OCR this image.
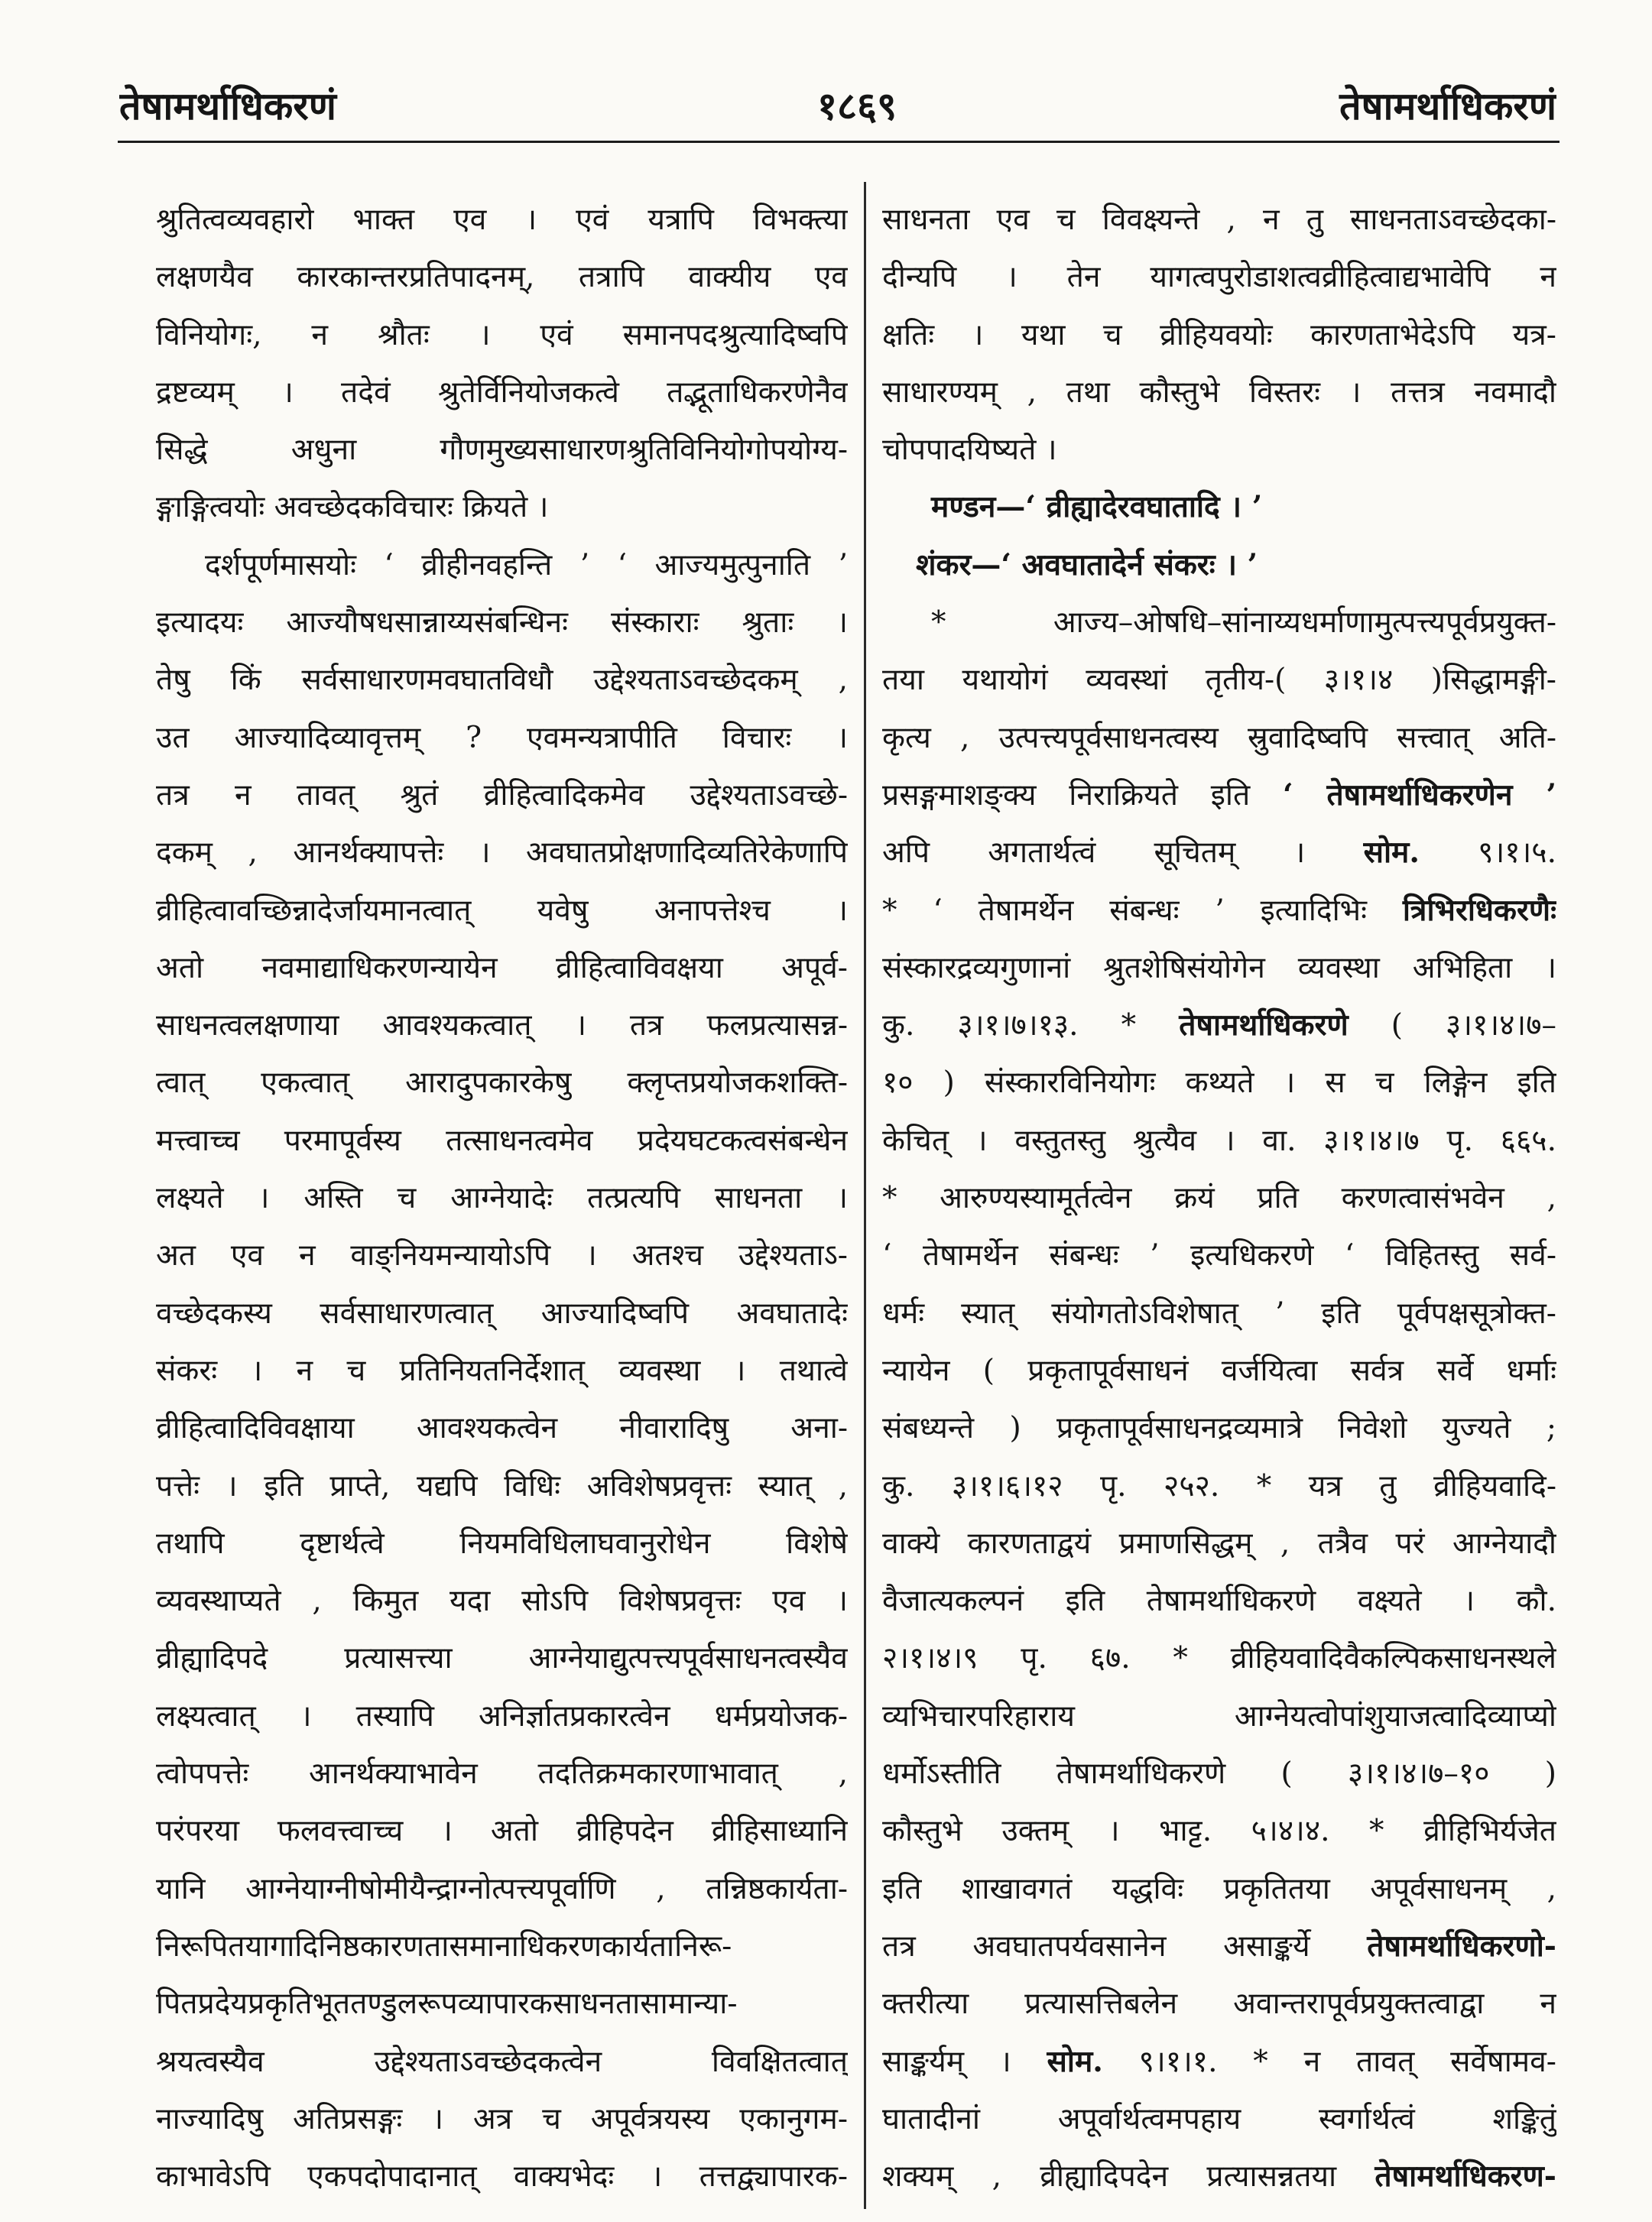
तेषामर्थाधिकरणं	१८६९	तेषामर्थाधिकरणं
श्रुतित्वव्यवहारो भाक्त एव । एवं यत्रापि विभक्त्या
लक्षणयैव कारकान्तरप्रतिपादनम्, तत्रापि वाक्यीय एव
विनियोगः, न श्रौतः । एवं समानपदश्रुत्यादिष्वपि
द्रष्टव्यम् । तदेवं श्रुतेर्विनियोजकत्वे तद्भूताधिकरणेनैव
सिद्धे अधुना गौणमुख्यसाधारणश्रुतिविनियोगोपयोग्य-
ङ्गाङ्गित्वयोः अवच्छेदकविचारः क्रियते ।
दर्शपूर्णमासयोः ‘ व्रीहीनवहन्ति ’ ‘ आज्यमुत्पुनाति ’
इत्यादयः आज्यौषधसान्नाय्यसंबन्धिनः संस्काराः श्रुताः ।
तेषु किं सर्वसाधारणमवघातविधौ उद्देश्यताऽवच्छेदकम् ,
उत आज्यादिव्यावृत्तम् ? एवमन्यत्रापीति विचारः ।
तत्र न तावत् श्रुतं व्रीहित्वादिकमेव उद्देश्यताऽवच्छे-
दकम् , आनर्थक्यापत्तेः । अवघातप्रोक्षणादिव्यतिरेकेणापि
व्रीहित्वावच्छिन्नादेर्जायमानत्वात् यवेषु अनापत्तेश्च ।
अतो नवमाद्याधिकरणन्यायेन व्रीहित्वाविवक्षया अपूर्व-
साधनत्वलक्षणाया आवश्यकत्वात् । तत्र फलप्रत्यासन्न-
त्वात् एकत्वात् आरादुपकारकेषु क्लृप्तप्रयोजकशक्ति-
मत्त्वाच्च परमापूर्वस्य तत्साधनत्वमेव प्रदेयघटकत्वसंबन्धेन
लक्ष्यते । अस्ति च आग्नेयादेः तत्प्रत्यपि साधनता ।
अत एव न वाङ्नियमन्यायोऽपि । अतश्च उद्देश्यताऽ-
वच्छेदकस्य सर्वसाधारणत्वात् आज्यादिष्वपि अवघातादेः
संकरः । न च प्रतिनियतनिर्देशात् व्यवस्था । तथात्वे
व्रीहित्वादिविवक्षाया आवश्यकत्वेन नीवारादिषु अना-
पत्तेः । इति प्राप्ते, यद्यपि विधिः अविशेषप्रवृत्तः स्यात् ,
तथापि दृष्टार्थत्वे नियमविधिलाघवानुरोधेन विशेषे
व्यवस्थाप्यते , किमुत यदा सोऽपि विशेषप्रवृत्तः एव ।
व्रीह्यादिपदे प्रत्यासत्त्या आग्नेयाद्युत्पत्त्यपूर्वसाधनत्वस्यैव
लक्ष्यत्वात् । तस्यापि अनिर्ज्ञातप्रकारत्वेन धर्मप्रयोजक-
त्वोपपत्तेः आनर्थक्याभावेन तदतिक्रमकारणाभावात् ,
परंपरया फलवत्त्वाच्च । अतो व्रीहिपदेन व्रीहिसाध्यानि
यानि आग्नेयाग्नीषोमीयैन्द्राग्नोत्पत्त्यपूर्वाणि , तन्निष्ठकार्यता-
निरूपितयागादिनिष्ठकारणतासमानाधिकरणकार्यतानिरू-
पितप्रदेयप्रकृतिभूततण्डुलरूपव्यापारकसाधनतासामान्या-
श्रयत्वस्यैव उद्देश्यताऽवच्छेदकत्वेन विवक्षितत्वात्
नाज्यादिषु अतिप्रसङ्गः । अत्र च अपूर्वत्रयस्य एकानुगम-
काभावेऽपि एकपदोपादानात् वाक्यभेदः । तत्तद्व्यापारक-
साधनता एव च विवक्ष्यन्ते , न तु साधनताऽवच्छेदका-
दीन्यपि । तेन यागत्वपुरोडाशत्वव्रीहित्वाद्यभावेपि न
क्षतिः । यथा च व्रीहियवयोः कारणताभेदेऽपि यत्र-
साधारण्यम् , तथा कौस्तुभे विस्तरः । तत्तत्र नवमादौ
चोपपादयिष्यते ।
मण्डन—‘ व्रीह्यादेरवघातादि । ’
शंकर—‘ अवघातादेर्न संकरः । ’
* आज्य–ओषधि–सांनाय्यधर्माणामुत्पत्त्यपूर्वप्रयुक्त-
तया यथायोगं व्यवस्थां तृतीय-( ३।१।४ )सिद्धामङ्गी-
कृत्य , उत्पत्त्यपूर्वसाधनत्वस्य स्रुवादिष्वपि सत्त्वात् अति-
प्रसङ्गमाशङ्क्य निराक्रियते इति ‘ तेषामर्थाधिकरणेन ’
अपि अगतार्थत्वं सूचितम् । सोम. ९।१।५.
* ‘ तेषामर्थेन संबन्धः ’ इत्यादिभिः त्रिभिरधिकरणैः
संस्कारद्रव्यगुणानां श्रुतशेषिसंयोगेन व्यवस्था अभिहिता ।
कु. ३।१।७।१३. * तेषामर्थाधिकरणे ( ३।१।४।७–
१० ) संस्कारविनियोगः कथ्यते । स च लिङ्गेन इति
केचित् । वस्तुतस्तु श्रुत्यैव । वा. ३।१।४।७ पृ. ६६५.
* आरुण्यस्यामूर्तत्वेन क्रयं प्रति करणत्वासंभवेन ,
‘ तेषामर्थेन संबन्धः ’ इत्यधिकरणे ‘ विहितस्तु सर्व-
धर्मः स्यात् संयोगतोऽविशेषात् ’ इति पूर्वपक्षसूत्रोक्त-
न्यायेन ( प्रकृतापूर्वसाधनं वर्जयित्वा सर्वत्र सर्वे धर्माः
संबध्यन्ते ) प्रकृतापूर्वसाधनद्रव्यमात्रे निवेशो युज्यते ;
कु. ३।१।६।१२ पृ. २५२. * यत्र तु व्रीहियवादि-
वाक्ये कारणताद्वयं प्रमाणसिद्धम् , तत्रैव परं आग्नेयादौ
वैजात्यकल्पनं इति तेषामर्थाधिकरणे वक्ष्यते । कौ.
२।१।४।९ पृ. ६७. * व्रीहियवादिवैकल्पिकसाधनस्थले
व्यभिचारपरिहाराय आग्नेयत्वोपांशुयाजत्वादिव्याप्यो
धर्मोऽस्तीति तेषामर्थाधिकरणे ( ३।१।४।७–१० )
कौस्तुभे उक्तम् । भाट्ट. ५।४।४. * व्रीहिभिर्यजेत
इति शाखावगतं यद्धविः प्रकृतितया अपूर्वसाधनम् ,
तत्र अवघातपर्यवसानेन असाङ्कर्ये तेषामर्थाधिकरणो-
क्तरीत्या प्रत्यासत्तिबलेन अवान्तरापूर्वप्रयुक्तत्वाद्वा न
साङ्कर्यम् । सोम. ९।१।१. * न तावत् सर्वेषामव-
घातादीनां अपूर्वार्थत्वमपहाय स्वर्गार्थत्वं शङ्कितुं
शक्यम् , व्रीह्यादिपदेन प्रत्यासन्नतया तेषामर्थाधिकरण-
